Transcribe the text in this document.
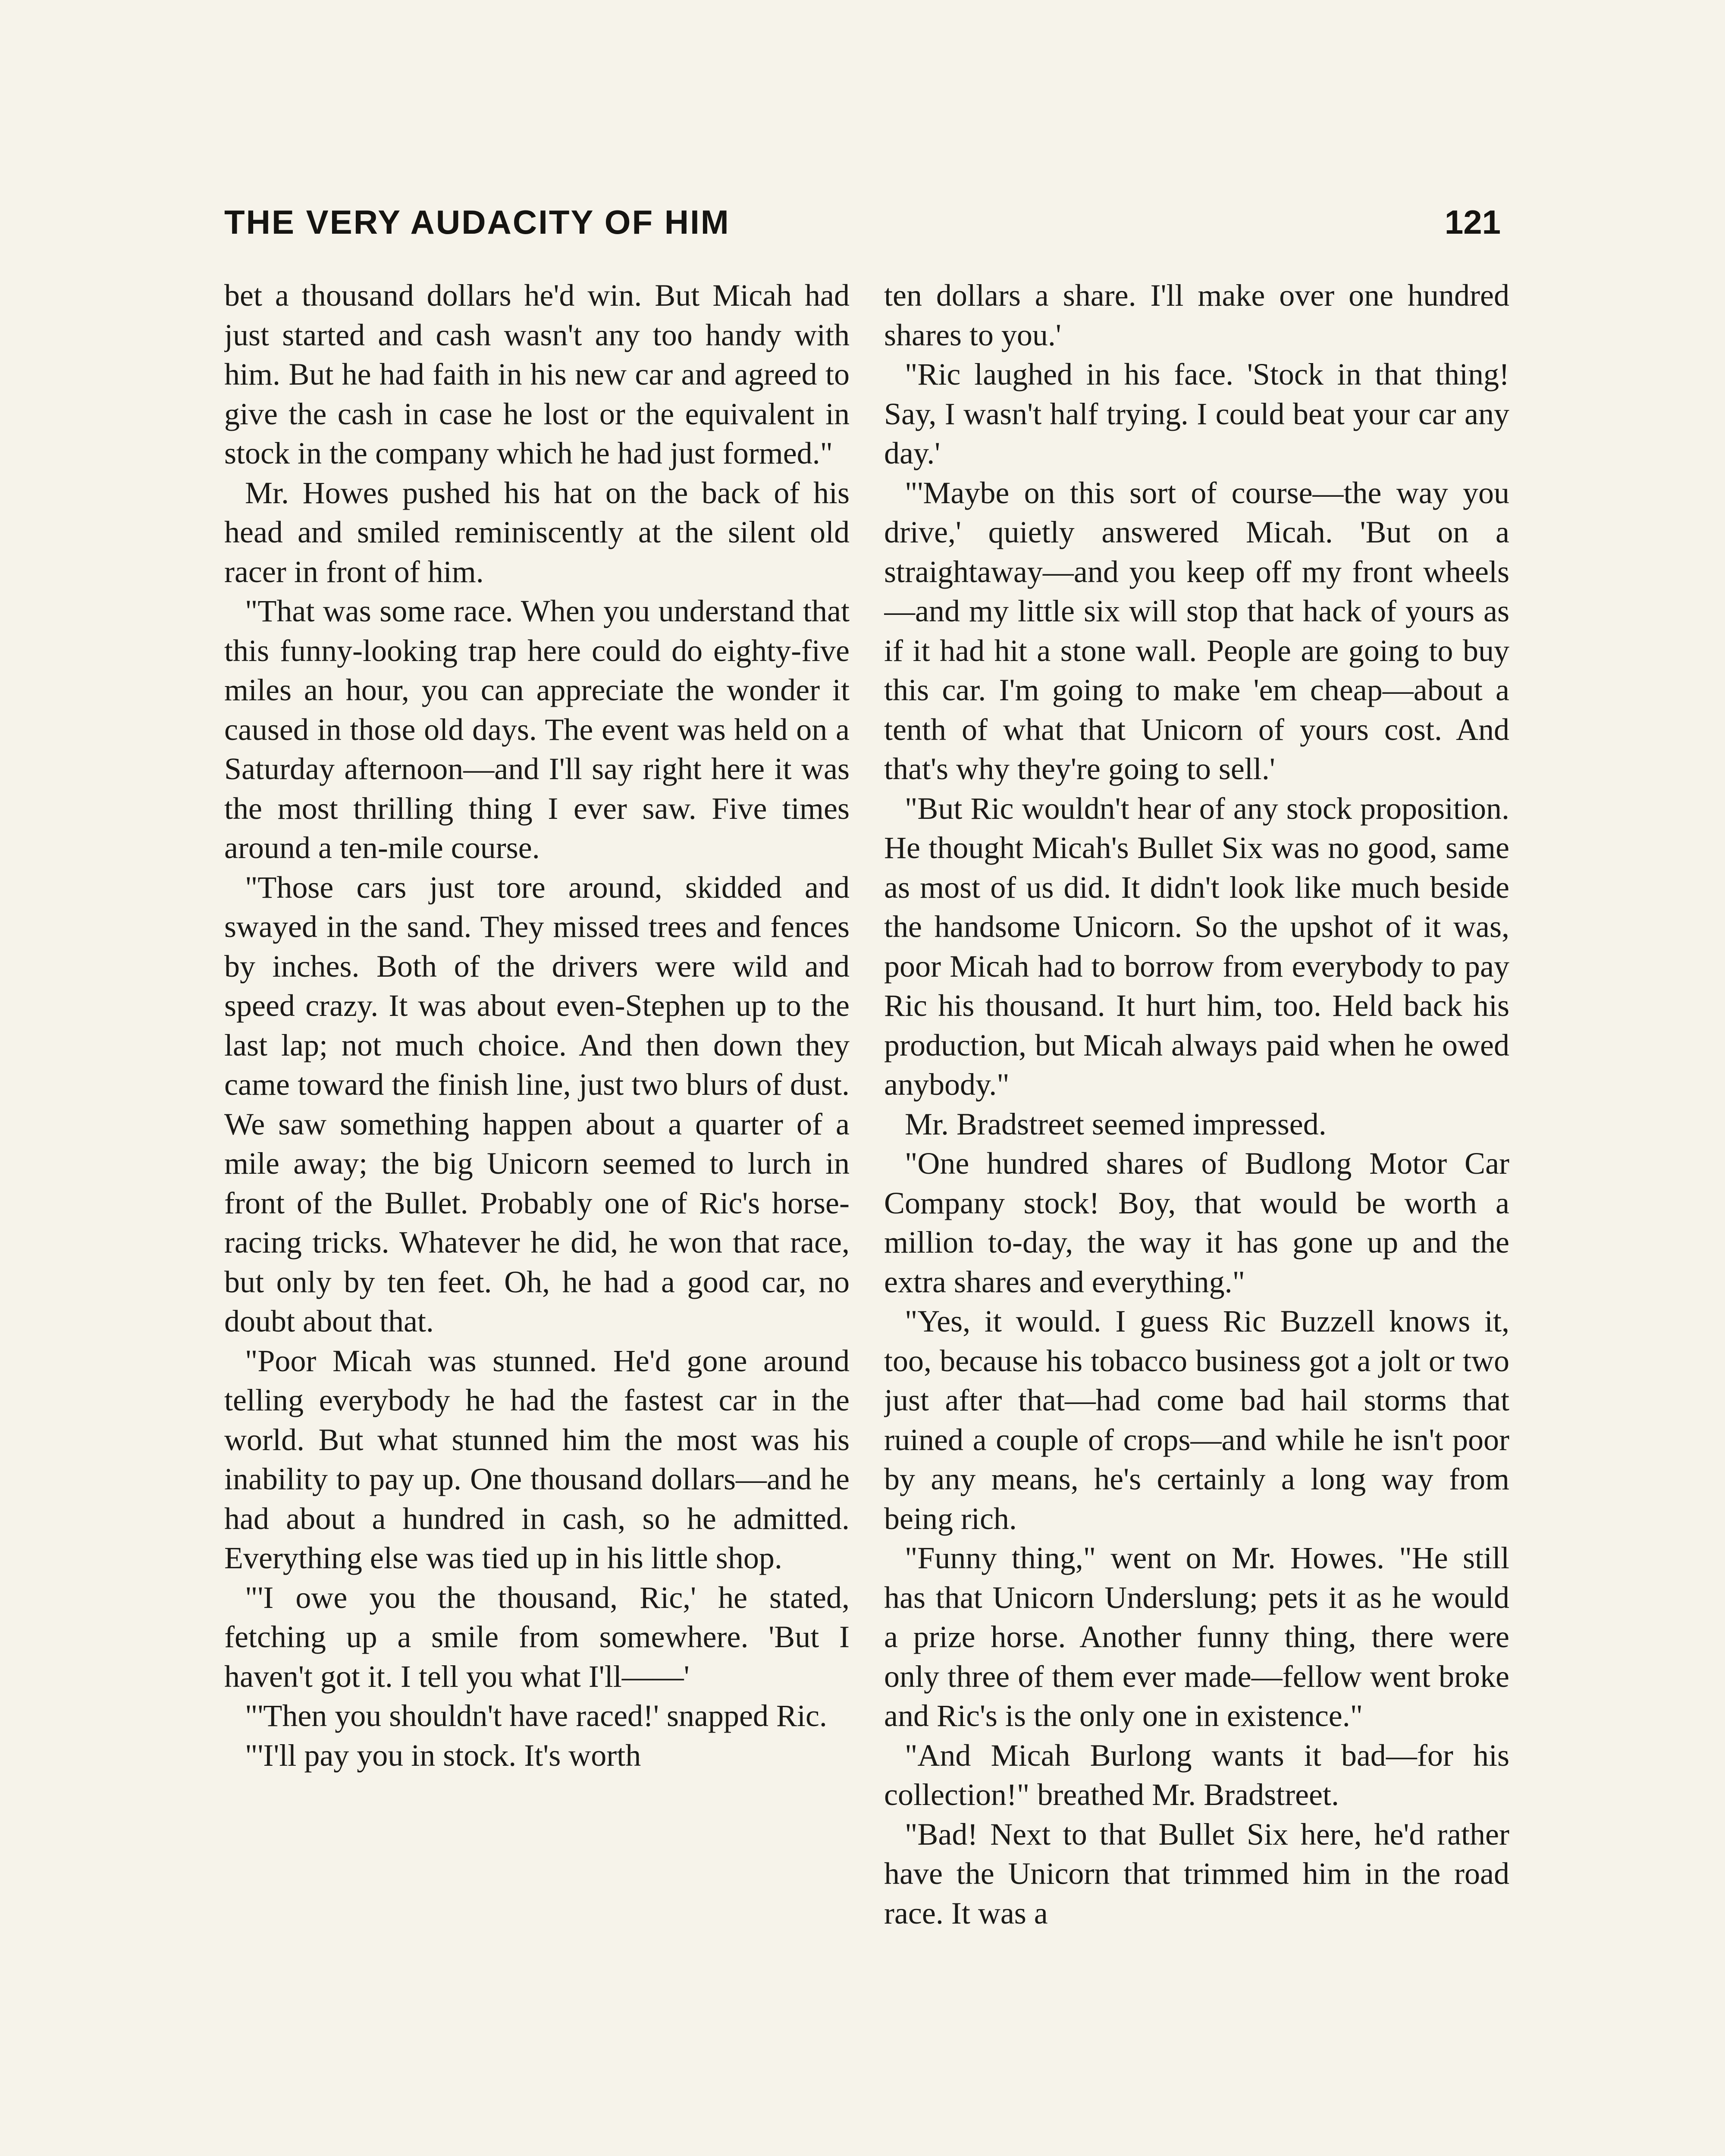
THE VERY AUDACITY OF HIM	121

bet a thousand dollars he'd win. But Micah had just started and cash wasn't any too handy with him. But he had faith in his new car and agreed to give the cash in case he lost or the equivalent in stock in the company which he had just formed."

Mr. Howes pushed his hat on the back of his head and smiled reminiscently at the silent old racer in front of him.

"That was some race. When you understand that this funny-looking trap here could do eighty-five miles an hour, you can appreciate the wonder it caused in those old days. The event was held on a Saturday afternoon—and I'll say right here it was the most thrilling thing I ever saw. Five times around a ten-mile course.

"Those cars just tore around, skidded and swayed in the sand. They missed trees and fences by inches. Both of the drivers were wild and speed crazy. It was about even-Stephen up to the last lap; not much choice. And then down they came toward the finish line, just two blurs of dust. We saw something happen about a quarter of a mile away; the big Unicorn seemed to lurch in front of the Bullet. Probably one of Ric's horse-racing tricks. Whatever he did, he won that race, but only by ten feet. Oh, he had a good car, no doubt about that.

"Poor Micah was stunned. He'd gone around telling everybody he had the fastest car in the world. But what stunned him the most was his inability to pay up. One thousand dollars—and he had about a hundred in cash, so he admitted. Everything else was tied up in his little shop.

"'I owe you the thousand, Ric,' he stated, fetching up a smile from somewhere. 'But I haven't got it. I tell you what I'll——'

"'Then you shouldn't have raced!' snapped Ric.

"'I'll pay you in stock. It's worth

ten dollars a share. I'll make over one hundred shares to you.'

"Ric laughed in his face. 'Stock in that thing! Say, I wasn't half trying. I could beat your car any day.'

"'Maybe on this sort of course—the way you drive,' quietly answered Micah. 'But on a straightaway—and you keep off my front wheels—and my little six will stop that hack of yours as if it had hit a stone wall. People are going to buy this car. I'm going to make 'em cheap—about a tenth of what that Unicorn of yours cost. And that's why they're going to sell.'

"But Ric wouldn't hear of any stock proposition. He thought Micah's Bullet Six was no good, same as most of us did. It didn't look like much beside the handsome Unicorn. So the upshot of it was, poor Micah had to borrow from everybody to pay Ric his thousand. It hurt him, too. Held back his production, but Micah always paid when he owed anybody."

Mr. Bradstreet seemed impressed.

"One hundred shares of Budlong Motor Car Company stock! Boy, that would be worth a million to-day, the way it has gone up and the extra shares and everything."

"Yes, it would. I guess Ric Buzzell knows it, too, because his tobacco business got a jolt or two just after that—had come bad hail storms that ruined a couple of crops—and while he isn't poor by any means, he's certainly a long way from being rich.

"Funny thing," went on Mr. Howes. "He still has that Unicorn Underslung; pets it as he would a prize horse. Another funny thing, there were only three of them ever made—fellow went broke and Ric's is the only one in existence."

"And Micah Burlong wants it bad—for his collection!" breathed Mr. Bradstreet.

"Bad! Next to that Bullet Six here, he'd rather have the Unicorn that trimmed him in the road race. It was a
